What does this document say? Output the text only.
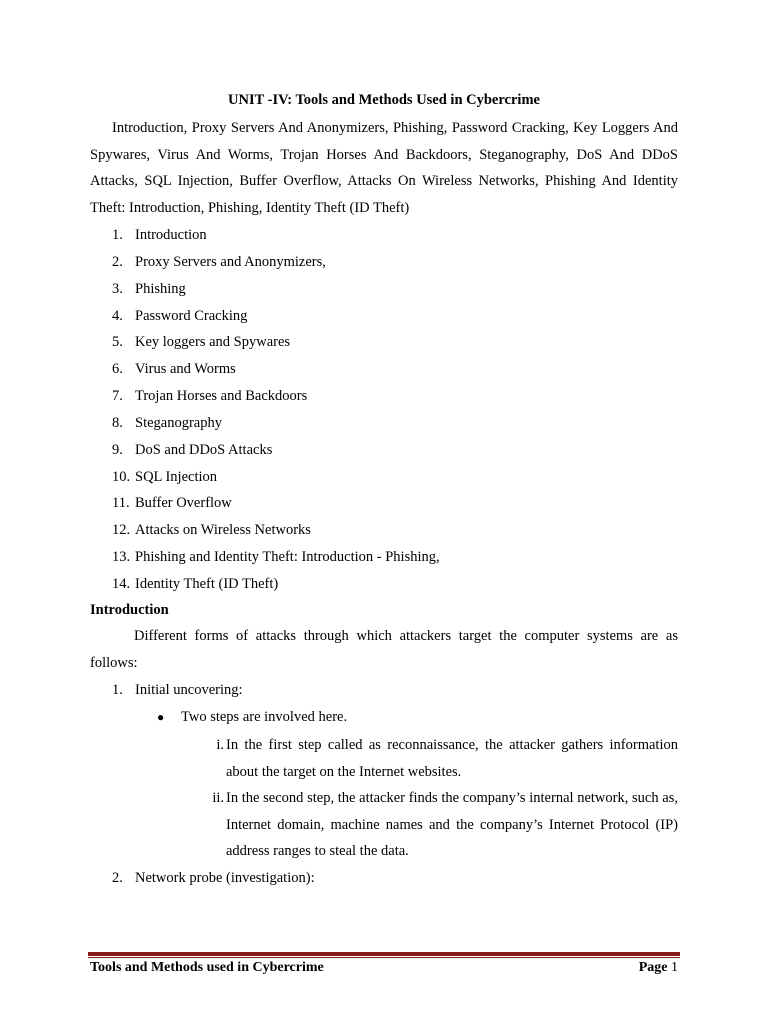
UNIT -IV: Tools and Methods Used in Cybercrime
Introduction, Proxy Servers And Anonymizers, Phishing, Password Cracking, Key Loggers And Spywares, Virus And Worms, Trojan Horses And Backdoors, Steganography, DoS And DDoS Attacks, SQL Injection, Buffer Overflow, Attacks On Wireless Networks, Phishing And Identity Theft: Introduction, Phishing, Identity Theft (ID Theft)
1. Introduction
2. Proxy Servers and Anonymizers,
3. Phishing
4. Password Cracking
5. Key loggers and Spywares
6. Virus and Worms
7. Trojan Horses and Backdoors
8. Steganography
9. DoS and DDoS Attacks
10. SQL Injection
11. Buffer Overflow
12. Attacks on Wireless Networks
13. Phishing and Identity Theft: Introduction - Phishing,
14. Identity Theft (ID Theft)
Introduction
Different forms of attacks through which attackers target the computer systems are as follows:
1. Initial uncovering:
● Two steps are involved here.
i. In the first step called as reconnaissance, the attacker gathers information about the target on the Internet websites.
ii. In the second step, the attacker finds the company’s internal network, such as, Internet domain, machine names and the company’s Internet Protocol (IP) address ranges to steal the data.
2. Network probe (investigation):
Tools and Methods used in Cybercrime	Page 1
